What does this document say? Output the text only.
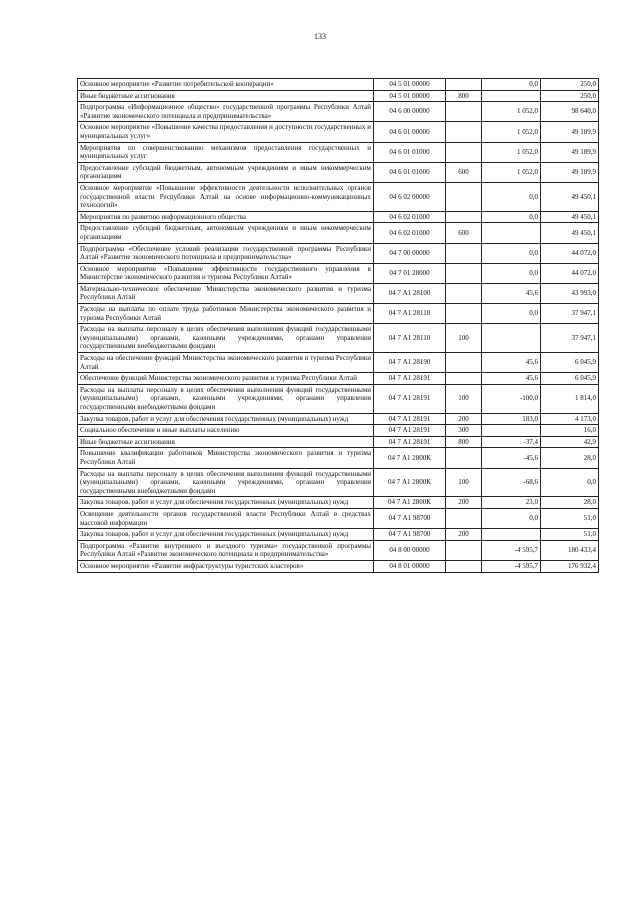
133
Основное мероприятие «Развитие потребительской кооперации»	04 5 01 00000		0,0	250,0
Иные бюджетные ассигнования	04 5 01 00000	800		250,0
Подпрограмма «Информационное общество» государственной программы Республики Алтай «Развитие экономического потенциала и предпринимательства»	04 6 00 00000		1 052,0	98 640,0
Основное мероприятие «Повышение качества предоставления и доступности государственных и муниципальных услуг»	04 6 01 00000		1 052,0	49 189,9
Мероприятия по совершенствованию механизмов предоставления государственных и муниципальных услуг	04 6 01 01000		1 052,0	49 189,9
Предоставление субсидий бюджетным, автономным учреждениям и иным некоммерческим организациям	04 6 01 01000	600	1 052,0	49 189,9
Основное мероприятие «Повышение эффективности деятельности исполнительных органов государственной власти Республики Алтай на основе информационно-коммуникационных технологий»	04 6 02 00000		0,0	49 450,1
Мероприятия по развитию информационного общества	04 6 02 01000		0,0	49 450,1
Предоставление субсидий бюджетным, автономным учреждениям и иным некоммерческим организациям	04 6 02 01000	600		49 450,1
Подпрограмма «Обеспечение условий реализации государственной программы Республики Алтай «Развитие экономического потенциала и предпринимательства»	04 7 00 00000		0,0	44 072,0
Основное мероприятие «Повышение эффективности государственного управления в Министерстве экономического развития и туризма Республики Алтай»	04 7 01 28000		0,0	44 072,0
Материально-техническое обеспечение Министерства экономического развития и туризма Республики Алтай	04 7 А1 28100		45,6	43 993,0
Расходы на выплаты по оплате труда работников Министерства экономического развития и туризма Республики Алтай	04 7 А1 28110		0,0	37 947,1
Расходы на выплаты персоналу в целях обеспечения выполнения функций государственными (муниципальными) органами, казенными учреждениями, органами управления государственными внебюджетными фондами	04 7 А1 28110	100		37 947,1
Расходы на обеспечение функций Министерства экономического развития и туризма Республики Алтай	04 7 А1 28190		45,6	6 045,9
Обеспечение функций Министерства экономического развития и туризма Республики Алтай	04 7 А1 28191		45,6	6 045,9
Расходы на выплаты персоналу в целях обеспечения выполнения функций государственными (муниципальными) органами, казенными учреждениями, органами управления государственными внебюджетными фондами	04 7 А1 28191	100	-100,0	1 814,0
Закупка товаров, работ и услуг для обеспечения государственных (муниципальных) нужд	04 7 А1 28191	200	183,0	4 173,0
Социальное обеспечение и иные выплаты населению	04 7 А1 28191	300		16,0
Иные бюджетные ассигнования	04 7 А1 28191	800	-37,4	42,9
Повышение квалификации работников Министерства экономического развития и туризма Республики Алтай	04 7 А1 2800К		-45,6	28,0
Расходы на выплаты персоналу в целях обеспечения выполнения функций государственными (муниципальными) органами, казенными учреждениями, органами управления государственными внебюджетными фондами	04 7 А1 2800К	100	-68,6	0,0
Закупка товаров, работ и услуг для обеспечения государственных (муниципальных) нужд	04 7 А1 2800К	200	23,0	28,0
Освещение деятельности органов государственной власти Республики Алтай в средствах массовой информации	04 7 А1 98700		0,0	51,0
Закупка товаров, работ и услуг для обеспечения государственных (муниципальных) нужд	04 7 А1 98700	200		51,0
Подпрограмма «Развитие внутреннего и въездного туризма» государственной программы Республики Алтай «Развитие экономического потенциала и предпринимательства»	04 8 00 00000		-4 595,7	180 433,4
Основное мероприятие «Развитие инфраструктуры туристских кластеров»	04 8 01 00000		-4 595,7	176 932,4
